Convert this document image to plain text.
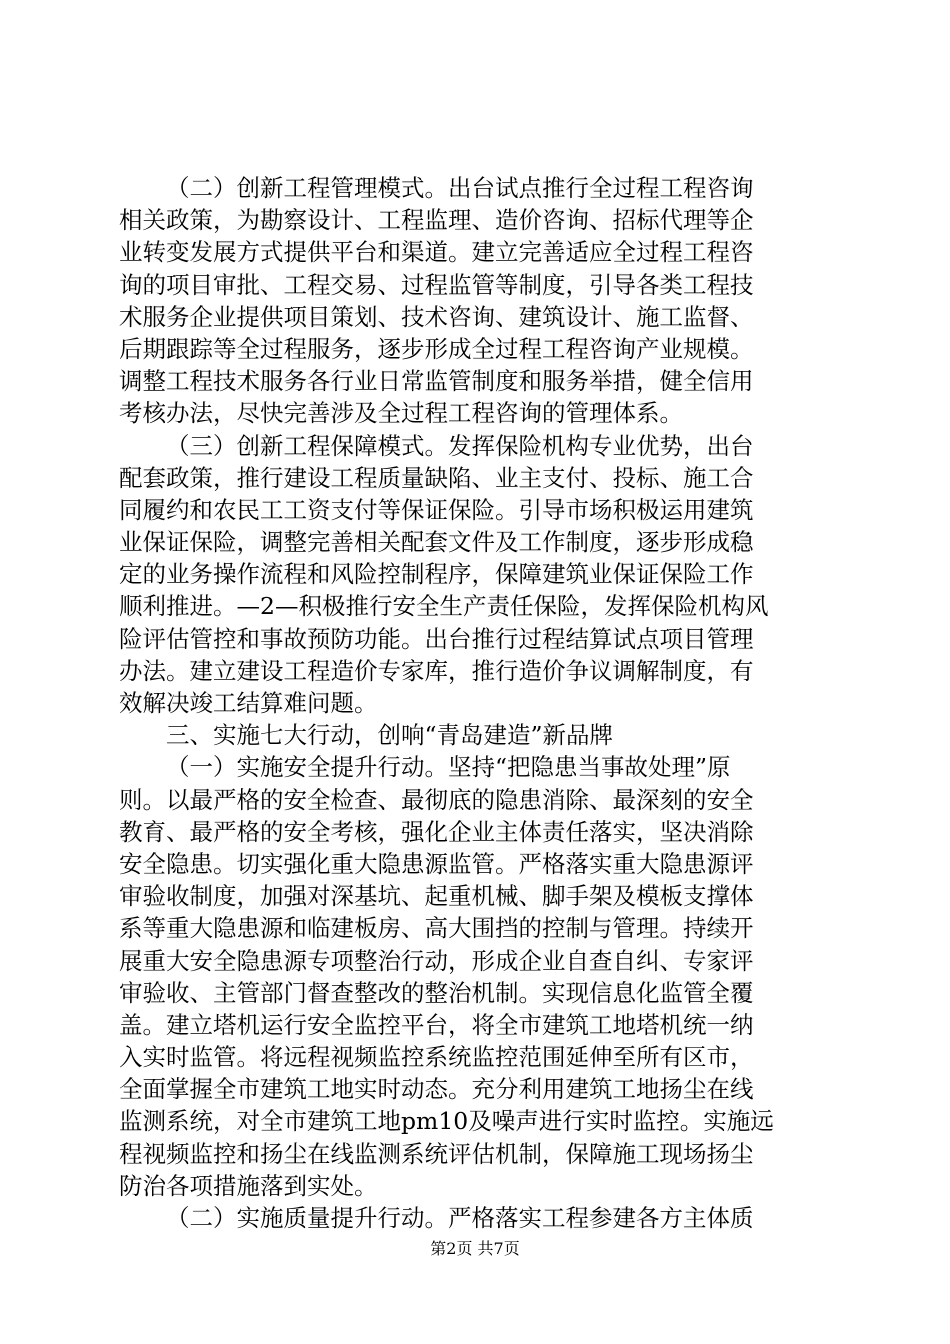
（二）创新工程管理模式。出台试点推行全过程工程咨询
相关政策，为勘察设计、工程监理、造价咨询、招标代理等企
业转变发展方式提供平台和渠道。建立完善适应全过程工程咨
询的项目审批、工程交易、过程监管等制度，引导各类工程技
术服务企业提供项目策划、技术咨询、建筑设计、施工监督、
后期跟踪等全过程服务，逐步形成全过程工程咨询产业规模。
调整工程技术服务各行业日常监管制度和服务举措，健全信用
考核办法，尽快完善涉及全过程工程咨询的管理体系。
（三）创新工程保障模式。发挥保险机构专业优势，出台
配套政策，推行建设工程质量缺陷、业主支付、投标、施工合
同履约和农民工工资支付等保证保险。引导市场积极运用建筑
业保证保险，调整完善相关配套文件及工作制度，逐步形成稳
定的业务操作流程和风险控制程序，保障建筑业保证保险工作
顺利推进。—2—积极推行安全生产责任保险，发挥保险机构风
险评估管控和事故预防功能。出台推行过程结算试点项目管理
办法。建立建设工程造价专家库，推行造价争议调解制度，有
效解决竣工结算难问题。
三、实施七大行动，创响“青岛建造”新品牌
（一）实施安全提升行动。坚持“把隐患当事故处理”原
则。以最严格的安全检查、最彻底的隐患消除、最深刻的安全
教育、最严格的安全考核，强化企业主体责任落实，坚决消除
安全隐患。切实强化重大隐患源监管。严格落实重大隐患源评
审验收制度，加强对深基坑、起重机械、脚手架及模板支撑体
系等重大隐患源和临建板房、高大围挡的控制与管理。持续开
展重大安全隐患源专项整治行动，形成企业自查自纠、专家评
审验收、主管部门督查整改的整治机制。实现信息化监管全覆
盖。建立塔机运行安全监控平台，将全市建筑工地塔机统一纳
入实时监管。将远程视频监控系统监控范围延伸至所有区市，
全面掌握全市建筑工地实时动态。充分利用建筑工地扬尘在线
监测系统，对全市建筑工地pm10及噪声进行实时监控。实施远
程视频监控和扬尘在线监测系统评估机制，保障施工现场扬尘
防治各项措施落到实处。
（二）实施质量提升行动。严格落实工程参建各方主体质
第2页 共7页
